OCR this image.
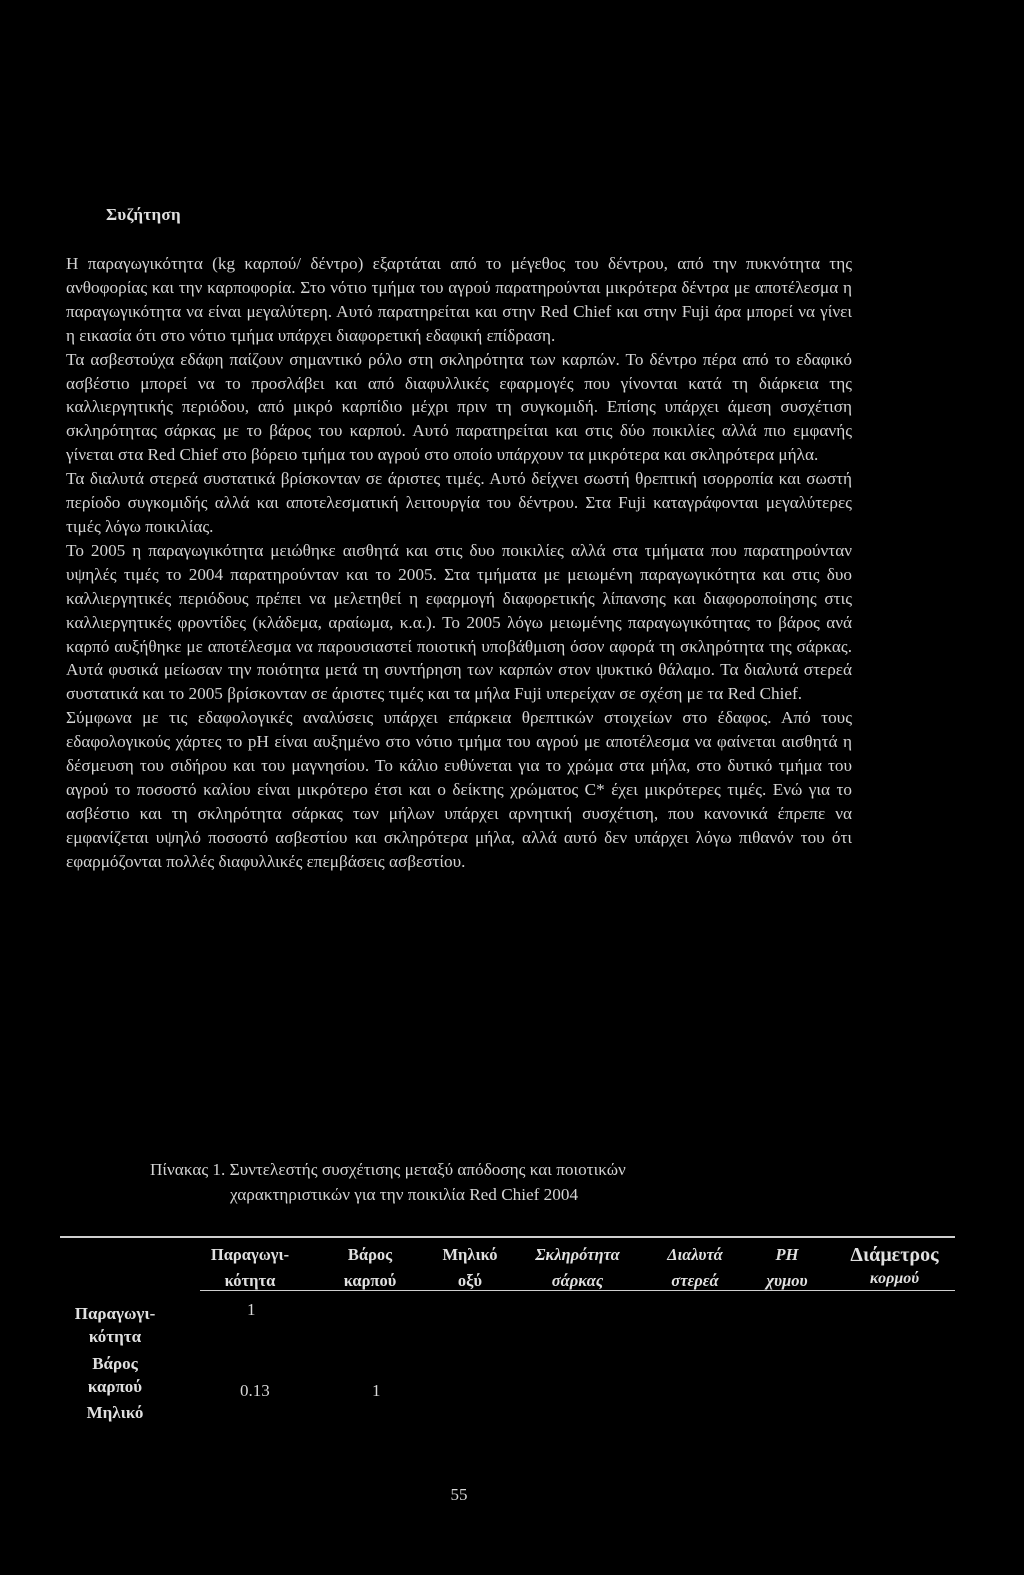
Συζήτηση

Η παραγωγικότητα (kg καρπού/ δέντρο) εξαρτάται από το μέγεθος του δέντρου, από την πυκνότητα της ανθοφορίας και την καρποφορία. Στο νότιο τμήμα του αγρού παρατηρούνται μικρότερα δέντρα με αποτέλεσμα η παραγωγικότητα να είναι μεγαλύτερη. Αυτό παρατηρείται και στην Red Chief και στην Fuji άρα μπορεί να γίνει η εικασία ότι στο νότιο τμήμα υπάρχει διαφορετική εδαφική επίδραση.

Τα ασβεστούχα εδάφη παίζουν σημαντικό ρόλο στη σκληρότητα των καρπών. Το δέντρο πέρα από το εδαφικό ασβέστιο μπορεί να το προσλάβει και από διαφυλλικές εφαρμογές που γίνονται κατά τη διάρκεια της καλλιεργητικής περιόδου, από μικρό καρπίδιο μέχρι πριν τη συγκομιδή. Επίσης υπάρχει άμεση συσχέτιση σκληρότητας σάρκας με το βάρος του καρπού. Αυτό παρατηρείται και στις δύο ποικιλίες αλλά πιο εμφανής γίνεται στα Red Chief στο βόρειο τμήμα του αγρού στο οποίο υπάρχουν τα μικρότερα και σκληρότερα μήλα.

Τα διαλυτά στερεά συστατικά βρίσκονταν σε άριστες τιμές. Αυτό δείχνει σωστή θρεπτική ισορροπία και σωστή περίοδο συγκομιδής αλλά και αποτελεσματική λειτουργία του δέντρου. Στα Fuji καταγράφονται μεγαλύτερες τιμές λόγω ποικιλίας.

Το 2005 η παραγωγικότητα μειώθηκε αισθητά και στις δυο ποικιλίες αλλά στα τμήματα που παρατηρούνταν υψηλές τιμές το 2004 παρατηρούνταν και το 2005. Στα τμήματα με μειωμένη παραγωγικότητα και στις δυο καλλιεργητικές περιόδους πρέπει να μελετηθεί η εφαρμογή διαφορετικής λίπανσης και διαφοροποίησης στις καλλιεργητικές φροντίδες (κλάδεμα, αραίωμα, κ.α.). Το 2005 λόγω μειωμένης παραγωγικότητας το βάρος ανά καρπό αυξήθηκε με αποτέλεσμα να παρουσιαστεί ποιοτική υποβάθμιση όσον αφορά τη σκληρότητα της σάρκας. Αυτά φυσικά μείωσαν την ποιότητα μετά τη συντήρηση των καρπών στον ψυκτικό θάλαμο. Τα διαλυτά στερεά συστατικά και το 2005 βρίσκονταν σε άριστες τιμές και τα μήλα Fuji υπερείχαν σε σχέση με τα Red Chief.

Σύμφωνα με τις εδαφολογικές αναλύσεις υπάρχει επάρκεια θρεπτικών στοιχείων στο έδαφος. Από τους εδαφολογικούς χάρτες το pH είναι αυξημένο στο νότιο τμήμα του αγρού με αποτέλεσμα να φαίνεται αισθητά η δέσμευση του σιδήρου και του μαγνησίου. Το κάλιο ευθύνεται για το χρώμα στα μήλα, στο δυτικό τμήμα του αγρού το ποσοστό καλίου είναι μικρότερο έτσι και ο δείκτης χρώματος C* έχει μικρότερες τιμές. Ενώ για το ασβέστιο και τη σκληρότητα σάρκας των μήλων υπάρχει αρνητική συσχέτιση, που κανονικά έπρεπε να εμφανίζεται υψηλό ποσοστό ασβεστίου και σκληρότερα μήλα, αλλά αυτό δεν υπάρχει λόγω πιθανόν του ότι εφαρμόζονται πολλές διαφυλλικές επεμβάσεις ασβεστίου.

Πίνακας 1. Συντελεστής συσχέτισης μεταξύ απόδοσης και ποιοτικών
χαρακτηριστικών για την ποικιλία Red Chief 2004
Παραγωγι-
κότητα
Βάρος
καρπού
Μηλικό
οξύ
Σκληρότητα
σάρκας
Διαλυτά
στερεά
PH
χυμου
Διάμετρος
κορμού
Παραγωγι-
κότητα
Βάρος
καρπού
Μηλικό
1
0.13	1
55
